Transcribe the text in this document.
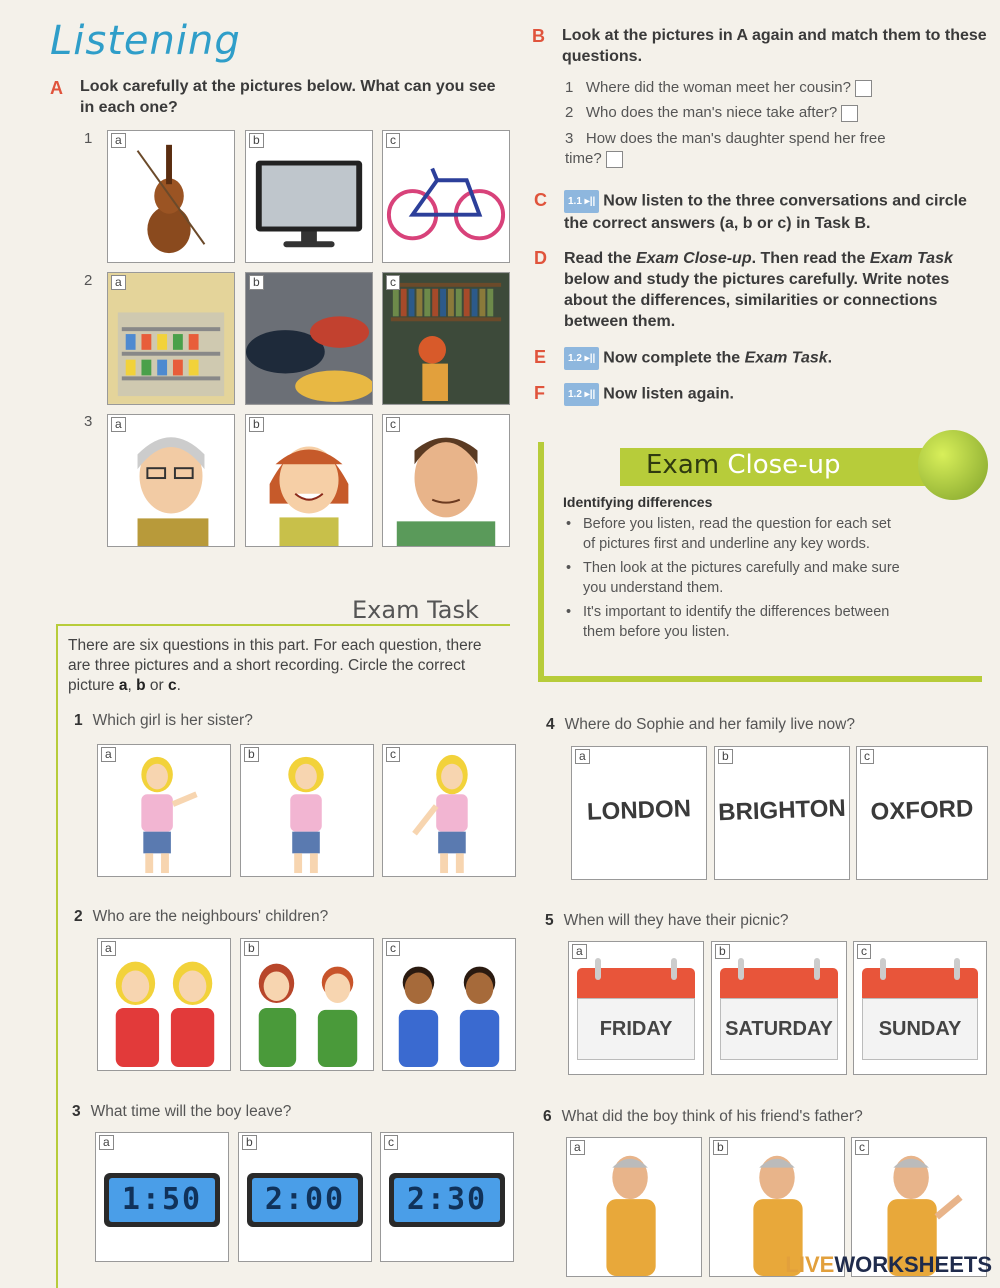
Listening
A Look carefully at the pictures below. What can you see in each one?
1
2
3
a	b	c
a	b	c
a	b	c
B Look at the pictures in A again and match them to these questions.
1 Where did the woman meet her cousin?
2 Who does the man's niece take after?
3 How does the man's daughter spend her free time?
C	1.1 ▸|| Now listen to the three conversations and circle the correct answers (a, b or c) in Task B.
D Read the Exam Close-up. Then read the Exam Task below and study the pictures carefully. Write notes about the differences, similarities or connections between them.
E	1.2 ▸|| Now complete the Exam Task.
F	1.2 ▸|| Now listen again.
Exam Close-up
Identifying differences
• Before you listen, read the question for each set of pictures first and underline any key words.
• Then look at the pictures carefully and make sure you understand them.
• It's important to identify the differences between them before you listen.
Exam Task
There are six questions in this part. For each question, there are three pictures and a short recording. Circle the correct picture a, b or c.
1 Which girl is her sister?
a	b	c
2 Who are the neighbours' children?
a	b	c
3 What time will the boy leave?
a
1:50
b
2:00
c
2:30
4 Where do Sophie and her family live now?
a
LONDON
b
BRIGHTON
c
OXFORD
5 When will they have their picnic?
a
FRIDAY
b
SATURDAY
c
SUNDAY
6 What did the boy think of his friend's father?
a	b	c
LIVEWORKSHEETS
